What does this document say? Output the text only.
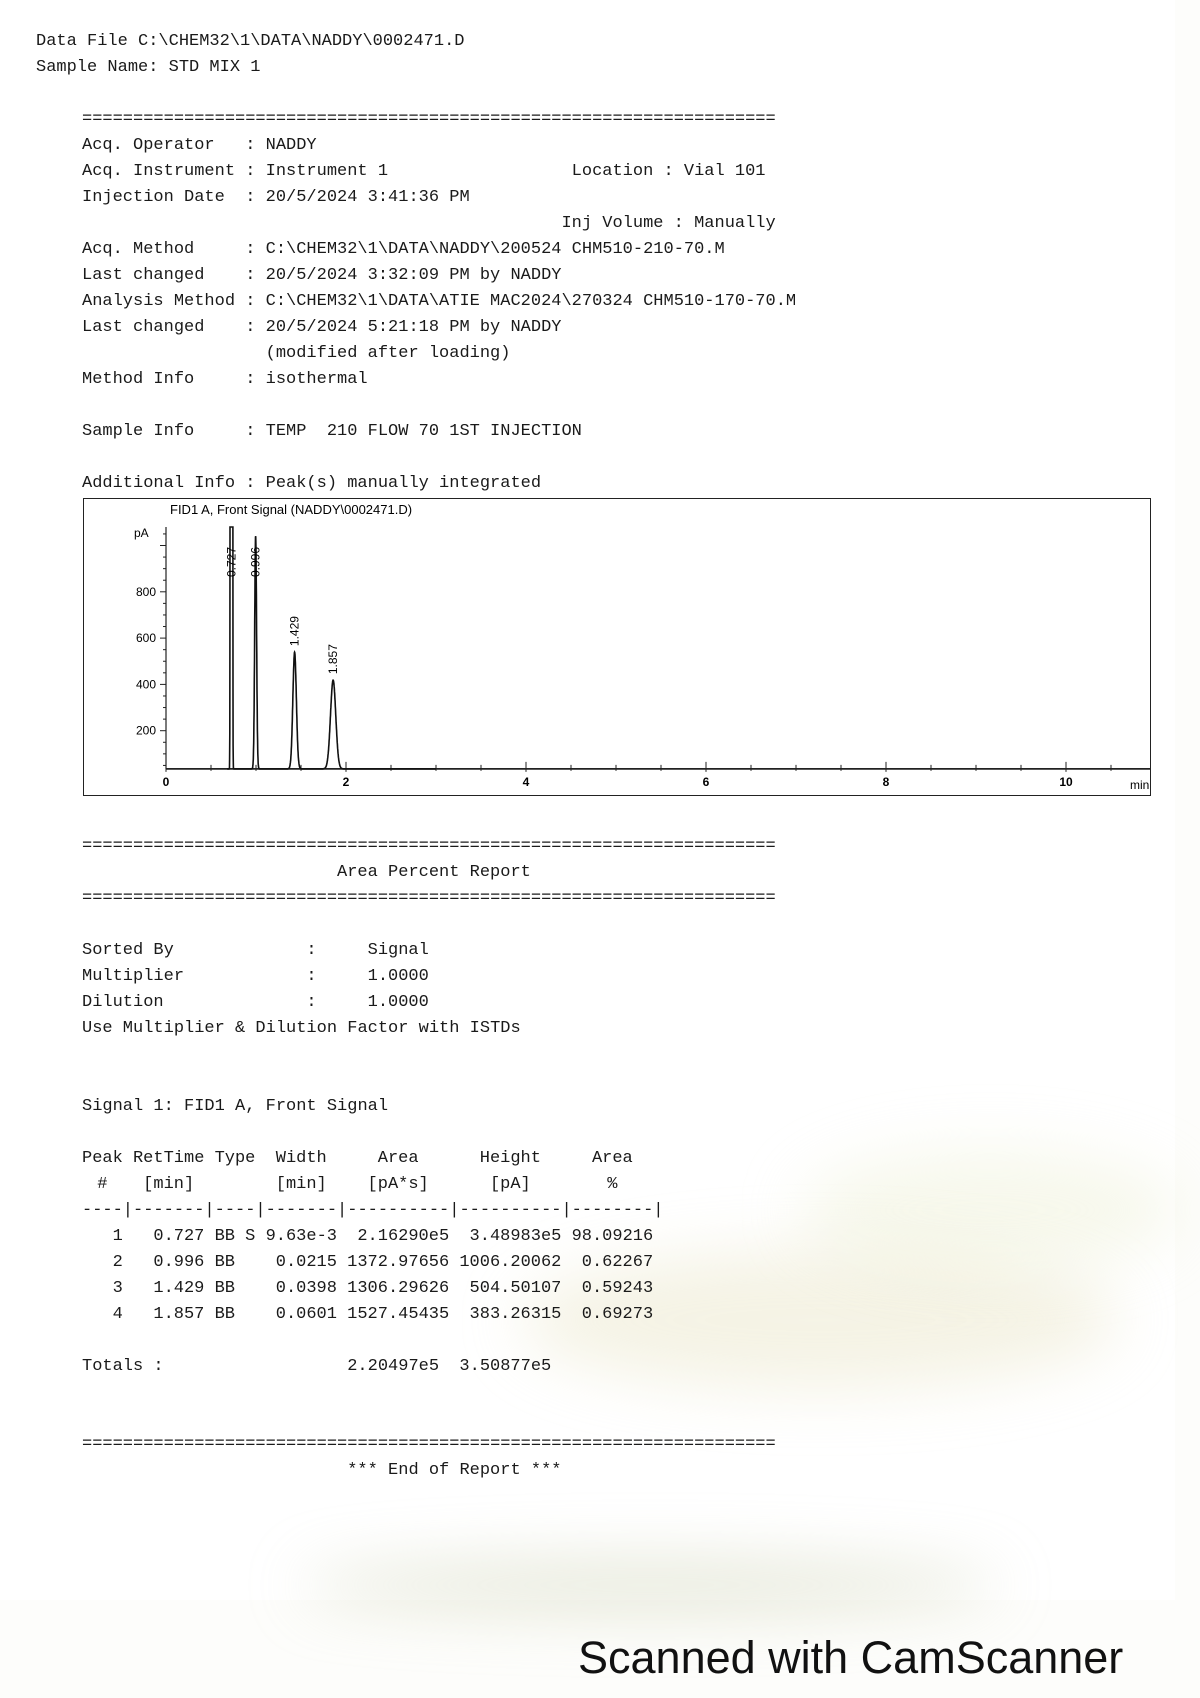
Data File C:\CHEM32\1\DATA\NADDY\0002471.D
Sample Name: STD MIX 1
====================================================================
Acq. Operator : NADDY
Acq. Instrument : Instrument 1	Location : Vial 101
Injection Date : 20/5/2024 3:41:36 PM
Inj Volume : Manually
Acq. Method	: C:\CHEM32\1\DATA\NADDY\200524 CHM510-210-70.M
Last changed : 20/5/2024 3:32:09 PM by NADDY
Analysis Method : C:\CHEM32\1\DATA\ATIE MAC2024\270324 CHM510-170-70.M
Last changed : 20/5/2024 5:21:18 PM by NADDY
(modified after loading)
Method Info	: isothermal
Sample Info	: TEMP  210 FLOW 70 1ST INJECTION
Additional Info : Peak(s) manually integrated
FID1 A, Front Signal (NADDY\0002471.D)
pA
min
200
400
600
800
0	2	4	6	8	10
0.727 0.996
1.429
1.857
====================================================================
Area Percent Report
====================================================================
Sorted By	:	Signal
Multiplier	:	1.0000
Dilution	:	1.0000
Use Multiplier & Dilution Factor with ISTDs
Signal 1: FID1 A, Front Signal
Peak RetTime Type Width	Area	Height	Area
# [min]	[min] [pA*s]	[pA]	%
----|-------|----|-------|----------|----------|--------|
1 0.727 BB S 9.63e-3 2.16290e5 3.48983e5 98.09216
2 0.996 BB 0.0215 1372.97656 1006.20062 0.62267
3 1.429 BB 0.0398 1306.29626 504.50107 0.59243
4 1.857 BB 0.0601 1527.45435 383.26315 0.69273
Totals :	2.20497e5 3.50877e5
====================================================================
*** End of Report ***
Scanned with CamScanner
